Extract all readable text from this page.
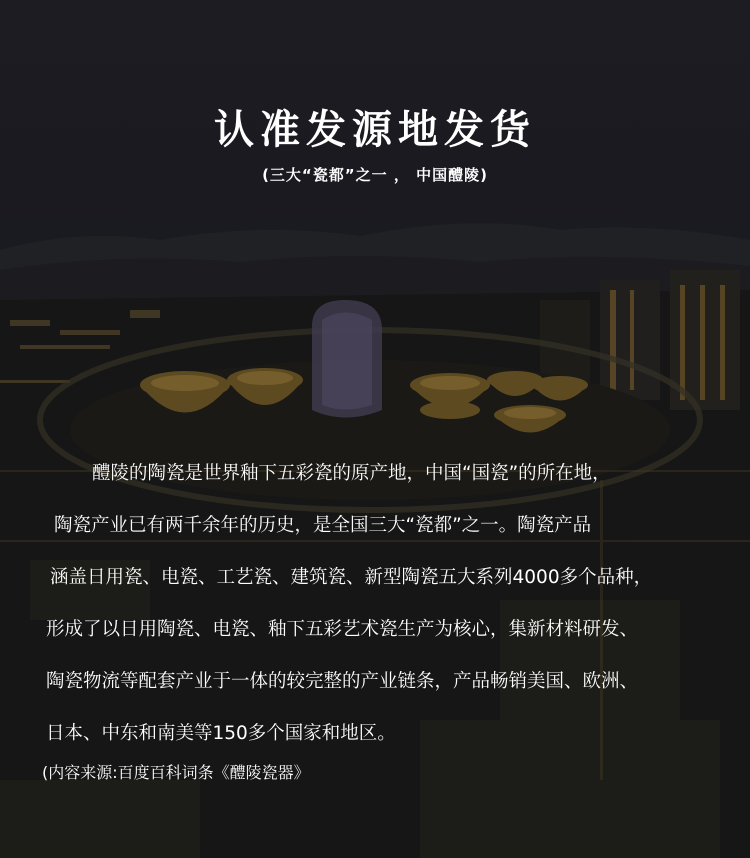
认准发源地发货
(三大“瓷都”之一 ， 中国醴陵)
醴陵的陶瓷是世界釉下五彩瓷的原产地，中国“国瓷”的所在地，
陶瓷产业已有两千余年的历史，是全国三大“瓷都”之一。陶瓷产品
涵盖日用瓷、电瓷、工艺瓷、建筑瓷、新型陶瓷五大系列4000多个品种，
形成了以日用陶瓷、电瓷、釉下五彩艺术瓷生产为核心，集新材料研发、
陶瓷物流等配套产业于一体的较完整的产业链条，产品畅销美国、欧洲、
日本、中东和南美等150多个国家和地区。
(内容来源:百度百科词条《醴陵瓷器》
